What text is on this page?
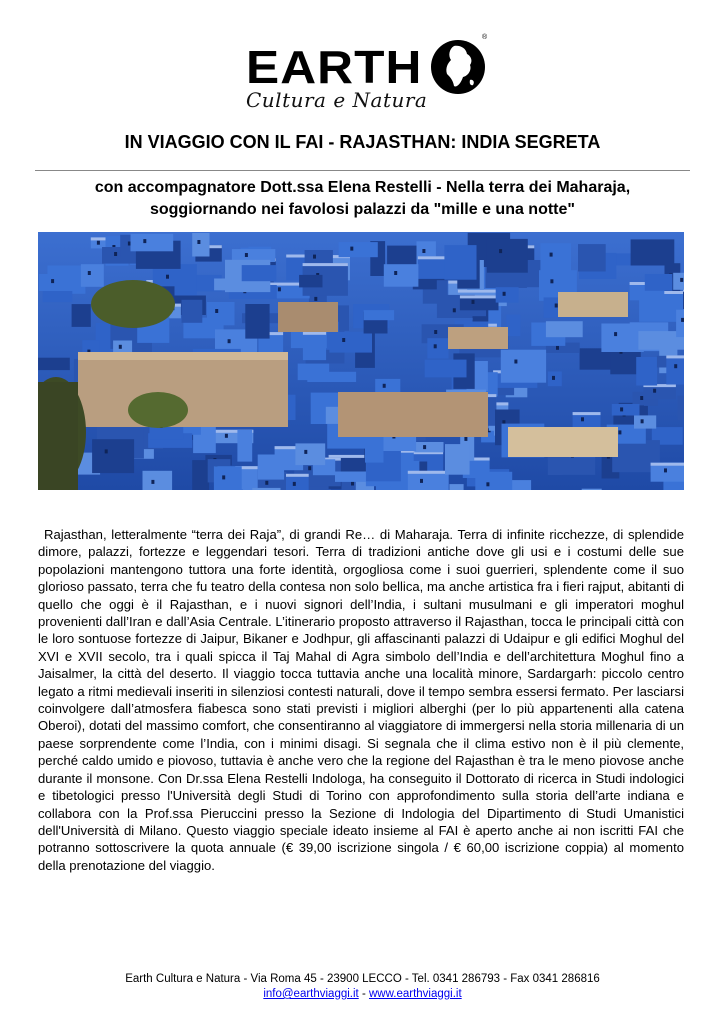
EARTH
®
Cultura e Natura
IN VIAGGIO CON IL FAI - RAJASTHAN: INDIA SEGRETA
con accompagnatore Dott.ssa Elena Restelli - Nella terra dei Maharaja, soggiornando nei favolosi palazzi da "mille e una notte"

Rajasthan, letteralmente “terra dei Raja”, di grandi Re… di Maharaja. Terra di infinite ricchezze, di splendide dimore, palazzi, fortezze e leggendari tesori. Terra di tradizioni antiche dove gli usi e i costumi delle sue popolazioni mantengono tuttora una forte identità, orgogliosa come i suoi guerrieri, splendente come il suo glorioso passato, terra che fu teatro della contesa non solo bellica, ma anche artistica fra i fieri rajput, abitanti di quello che oggi è il Rajasthan, e i nuovi signori dell’India, i sultani musulmani e gli imperatori moghul provenienti dall’Iran e dall’Asia Centrale. L’itinerario proposto attraverso il Rajasthan, tocca le principali città con le loro sontuose fortezze di Jaipur, Bikaner e Jodhpur, gli affascinanti palazzi di Udaipur e gli edifici Moghul del XVI e XVII secolo, tra i quali spicca il Taj Mahal di Agra simbolo dell’India e dell’architettura Moghul fino a Jaisalmer, la città del deserto. Il viaggio tocca tuttavia anche una località minore, Sardargarh: piccolo centro legato a ritmi medievali inseriti in silenziosi contesti naturali, dove il tempo sembra essersi fermato. Per lasciarsi coinvolgere dall’atmosfera fiabesca sono stati previsti i migliori alberghi (per lo più appartenenti alla catena Oberoi), dotati del massimo comfort, che consentiranno al viaggiatore di immergersi nella storia millenaria di un paese sorprendente come l’India, con i minimi disagi. Si segnala che il clima estivo non è il più clemente, perché caldo umido e piovoso, tuttavia è anche vero che la regione del Rajasthan è tra le meno piovose anche durante il monsone. Con Dr.ssa Elena Restelli Indologa, ha conseguito il Dottorato di ricerca in Studi indologici e tibetologici presso l'Università degli Studi di Torino con approfondimento sulla storia dell’arte indiana e collabora con la Prof.ssa Pieruccini presso la Sezione di Indologia del Dipartimento di Studi Umanistici dell'Università di Milano. Questo viaggio speciale ideato insieme al FAI è aperto anche ai non iscritti FAI che potranno sottoscrivere la quota annuale (€ 39,00 iscrizione singola / € 60,00 iscrizione coppia) al momento della prenotazione del viaggio.

Earth Cultura e Natura - Via Roma 45 - 23900 LECCO - Tel. 0341 286793 - Fax 0341 286816
info@earthviaggi.it - www.earthviaggi.it
